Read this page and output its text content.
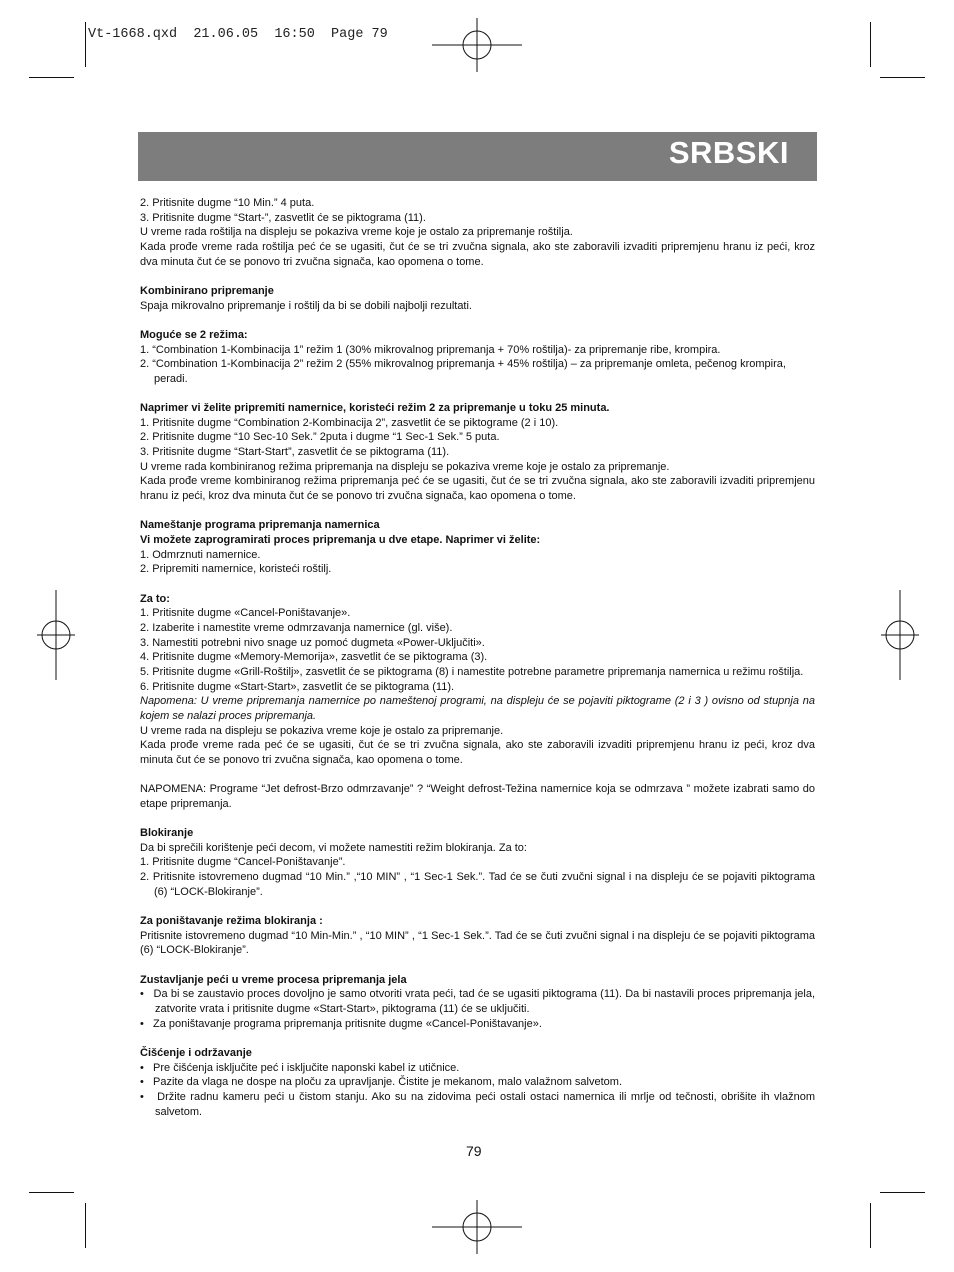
Vt-1668.qxd  21.06.05  16:50  Page 79
SRBSKI

2. Pritisnite dugme “10 Min.” 4 puta.

3. Pritisnite dugme “Start-”, zasvetlit će se piktograma (11).

U vreme rada roštilja na displeju se pokaziva vreme koje je ostalo za pripremanje roštilja.

Kada prođe vreme rada roštilja peć će se ugasiti, čut će se tri zvučna signala, ako ste zaboravili izvaditi pripremjenu hranu iz peći, kroz dva minuta čut će se ponovo tri zvučna signača, kao opomena o tome.

Kombinirano pripremanje

Spaja mikrovalno pripremanje i roštilj da bi se dobili najbolji rezultati.

Moguće se 2 režima:

1. “Combination 1-Kombinacija 1” režim 1 (30% mikrovalnog pripremanja + 70% roštilja)- za pripremanje ribe, krompira.

2. “Combination 1-Kombinacija 2” režim 2 (55% mikrovalnog pripremanja + 45% roštilja) – za pripremanje omleta, pečenog krompira, peradi.

Naprimer vi želite pripremiti namernice, koristeći režim 2 za pripremanje u toku 25 minuta.

1. Pritisnite dugme “Combination 2-Kombinacija 2”, zasvetlit će se piktograme (2 i 10).

2. Pritisnite dugme “10 Sec-10 Sek.” 2puta i dugme “1 Sec-1 Sek.” 5 puta.

3. Pritisnite dugme “Start-Start”, zasvetlit će se piktograma (11).

U vreme rada kombiniranog režima pripremanja na displeju se pokaziva vreme koje je ostalo za pripremanje.

Kada prođe vreme kombiniranog režima pripremanja peć će se ugasiti, čut će se tri zvučna signala, ako ste zaboravili izvaditi pripremjenu hranu iz peći, kroz dva minuta čut će se ponovo tri zvučna signača, kao opomena o tome.

Nameštanje programa pripremanja namernica

Vi možete zaprogramirati proces pripremanja u dve etape. Naprimer vi želite:

1. Odmrznuti namernice.

2. Pripremiti namernice, koristeći roštilj.

Za to:

1. Pritisnite dugme «Cancel-Poništavanje».

2. Izaberite i namestite vreme odmrzavanja namernice (gl. više).

3. Namestiti potrebni nivo snage uz pomoć dugmeta «Power-Uključiti».

4. Pritisnite dugme «Memory-Memorija», zasvetlit će se piktograma (3).

5. Pritisnite dugme «Grill-Roštilj», zasvetlit će se piktograma (8) i namestite potrebne parametre pripremanja namernica u režimu roštilja.

6. Pritisnite dugme «Start-Start», zasvetlit će se piktograma (11).

Napomena: U vreme pripremanja namernice po nameštenoj programi, na displeju će se pojaviti piktograme (2 i 3 ) ovisno od stupnja na kojem se nalazi proces pripremanja.

U vreme rada na displeju se pokaziva vreme koje je ostalo za pripremanje.

Kada prođe vreme rada peć će se ugasiti, čut će se tri zvučna signala, ako ste zaboravili izvaditi pripremjenu hranu iz peći, kroz dva minuta čut će se ponovo tri zvučna signača, kao opomena o tome.

NAPOMENA: Programe “Jet defrost-Brzo odmrzavanje” ? “Weight defrost-Težina namernice koja se odmrzava ” možete izabrati samo do etape pripremanja.

Blokiranje

Da bi sprečili korištenje peći decom, vi možete namestiti režim blokiranja. Za to:

1. Pritisnite dugme “Cancel-Poništavanje”.

2. Pritisnite istovremeno dugmad “10 Min.” ,“10 MIN” , “1 Sec-1 Sek.”. Tad će se čuti zvučni signal i na displeju će se pojaviti piktograma (6) “LOCK-Blokiranje”.

Za poništavanje režima blokiranja :

Pritisnite istovremeno dugmad “10 Min-Min.” , “10 MIN” , “1 Sec-1 Sek.”. Tad će se čuti zvučni signal i na displeju će se pojaviti piktograma (6) “LOCK-Blokiranje”.

Zustavljanje peći u vreme procesa pripremanja jela

• Da bi se zaustavio proces dovoljno je samo otvoriti vrata peći, tad će se ugasiti piktograma (11). Da bi nastavili proces pripremanja jela, zatvorite vrata i pritisnite dugme «Start-Start», piktograma (11) će se uključiti.

• Za poništavanje programa pripremanja pritisnite dugme «Cancel-Poništavanje».

Čišćenje i održavanje

• Pre čišćenja isključite peć i isključite naponski kabel iz utičnice.

• Pazite da vlaga ne dospe na ploču za upravljanje. Čistite je mekanom, malo valažnom salvetom.

• Držite radnu kameru peći u čistom stanju. Ako su na zidovima peći ostali ostaci namernica ili mrlje od tečnosti, obrišite ih vlažnom salvetom.

79
